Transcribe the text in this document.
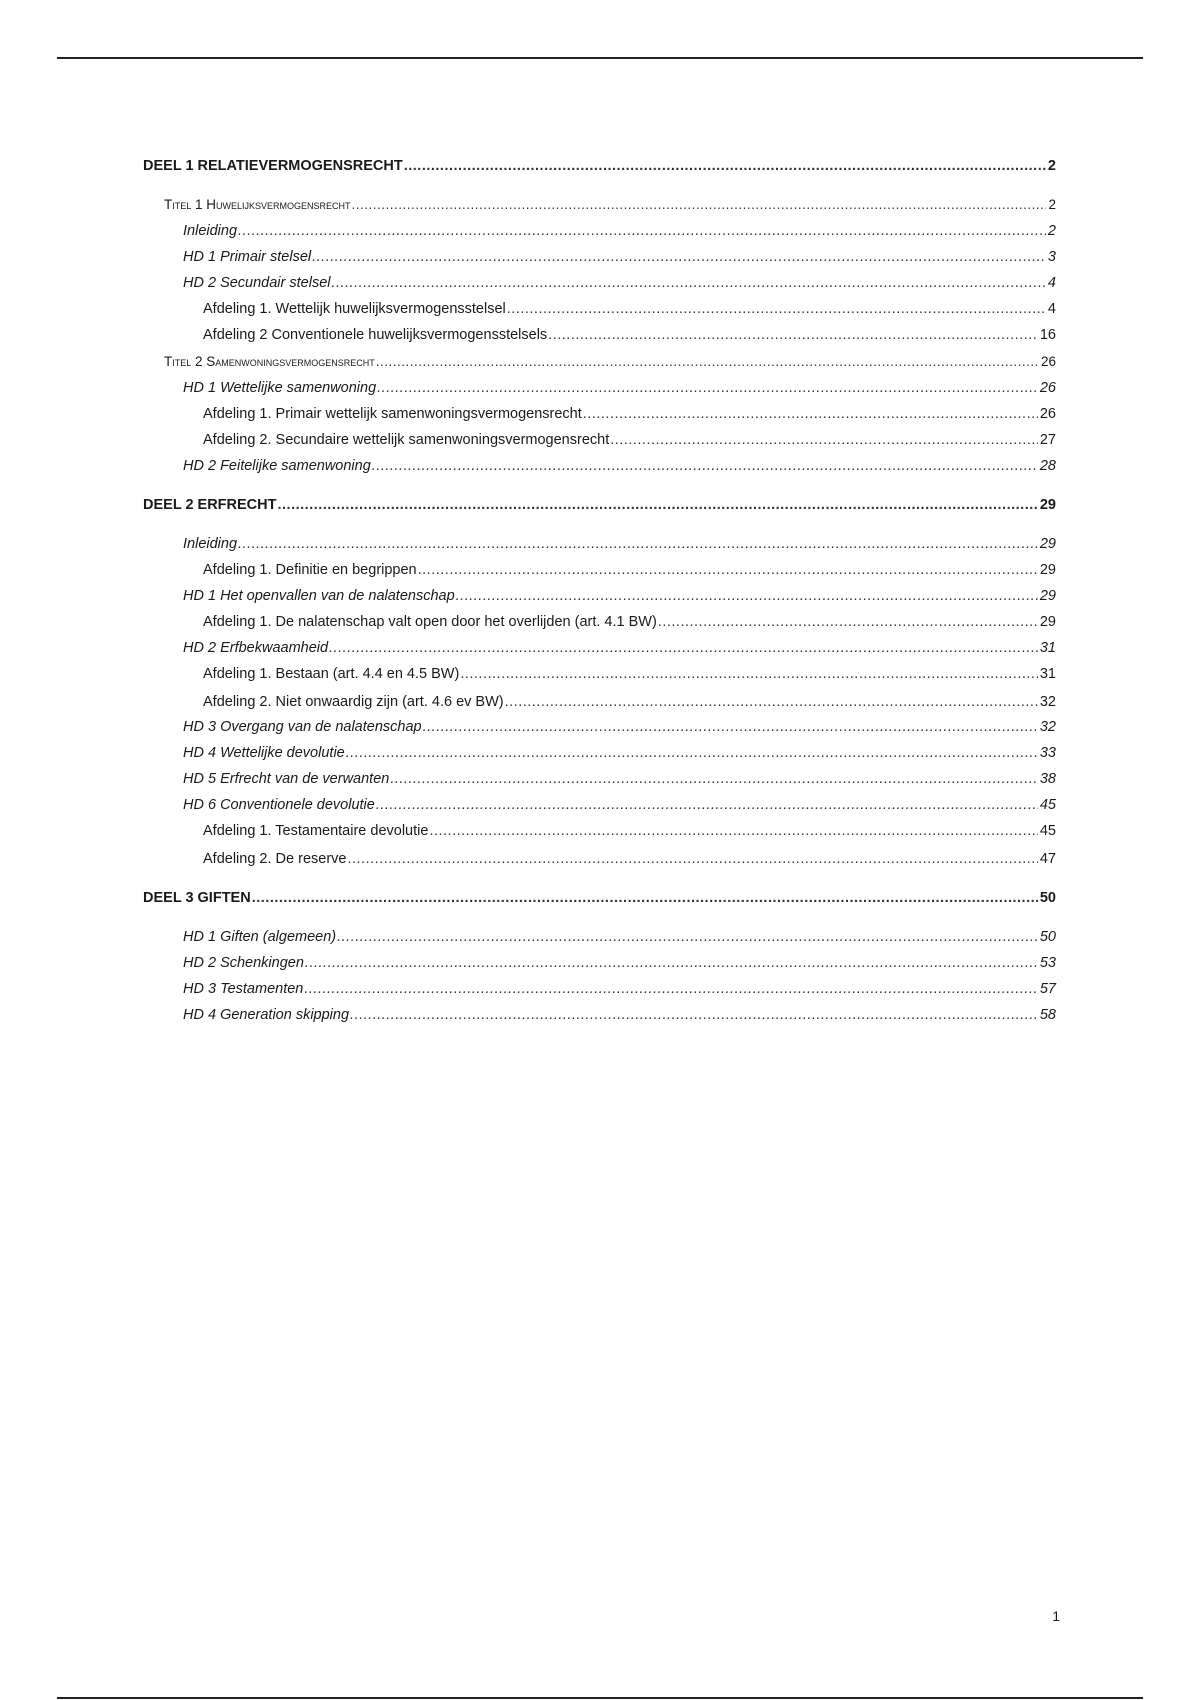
DEEL 1 RELATIEVERMOGENSRECHT .....	2
Titel 1 Huwelijksvermogensrecht .....	2
Inleiding .....	2
HD 1 Primair stelsel .....	3
HD 2 Secundair stelsel .....	4
Afdeling 1. Wettelijk huwelijksvermogensstelsel .....	4
Afdeling 2 Conventionele huwelijksvermogensstelsels .....	16
Titel 2 Samenwoningsvermogensrecht .....	26
HD 1 Wettelijke samenwoning .....	26
Afdeling 1. Primair wettelijk samenwoningsvermogensrecht .....	26
Afdeling 2. Secundaire wettelijk samenwoningsvermogensrecht .....	27
HD 2 Feitelijke samenwoning .....	28
DEEL 2 ERFRECHT .....	29
Inleiding .....	29
Afdeling 1. Definitie en begrippen .....	29
HD 1 Het openvallen van de nalatenschap .....	29
Afdeling 1. De nalatenschap valt open door het overlijden (art. 4.1 BW) .....	29
HD 2 Erfbekwaamheid .....	31
Afdeling 1. Bestaan (art. 4.4 en 4.5 BW) .....	31
Afdeling 2. Niet onwaardig zijn (art. 4.6 ev BW) .....	32
HD 3 Overgang van de nalatenschap .....	32
HD 4 Wettelijke devolutie .....	33
HD 5 Erfrecht van de verwanten .....	38
HD 6 Conventionele devolutie .....	45
Afdeling 1. Testamentaire devolutie .....	45
Afdeling 2. De reserve .....	47
DEEL 3 GIFTEN .....	50
HD 1 Giften (algemeen) .....	50
HD 2 Schenkingen .....	53
HD 3 Testamenten .....	57
HD 4 Generation skipping .....	58
1
